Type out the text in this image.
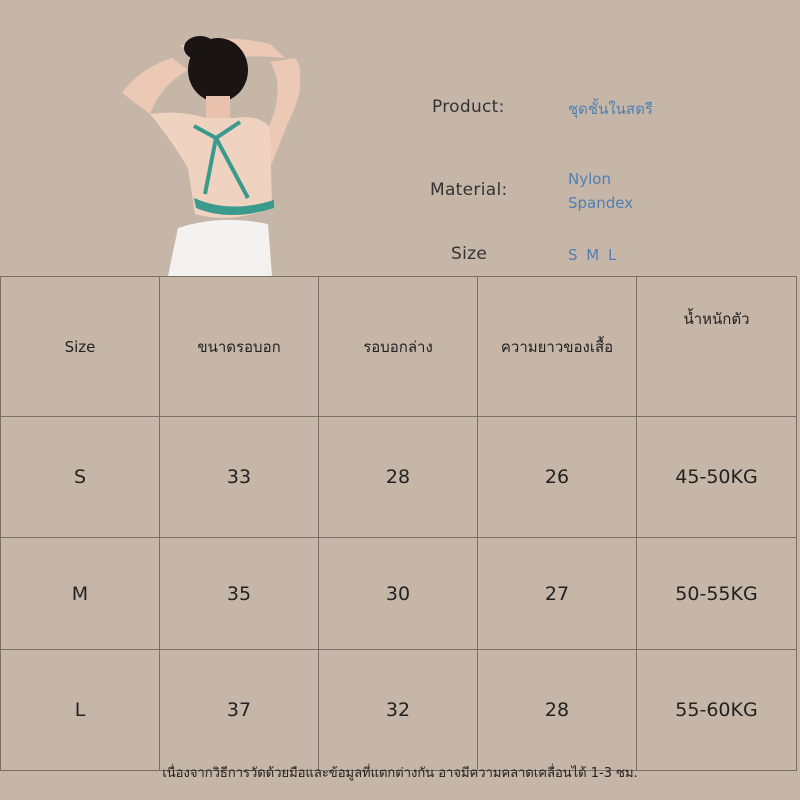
Product:	ชุดชั้นในสตรี
Material:
Nylon
Spandex
Size	S M L
Size	ขนาดรอบอก	รอบอกล่าง	ความยาวของเสื้อ	น้ำหนักตัว
S	33	28	26	45-50KG
M	35	30	27	50-55KG
L	37	32	28	55-60KG
เนื่องจากวิธีการวัดด้วยมือและข้อมูลที่แตกต่างกัน อาจมีความคลาดเคลื่อนได้ 1-3 ซม.
